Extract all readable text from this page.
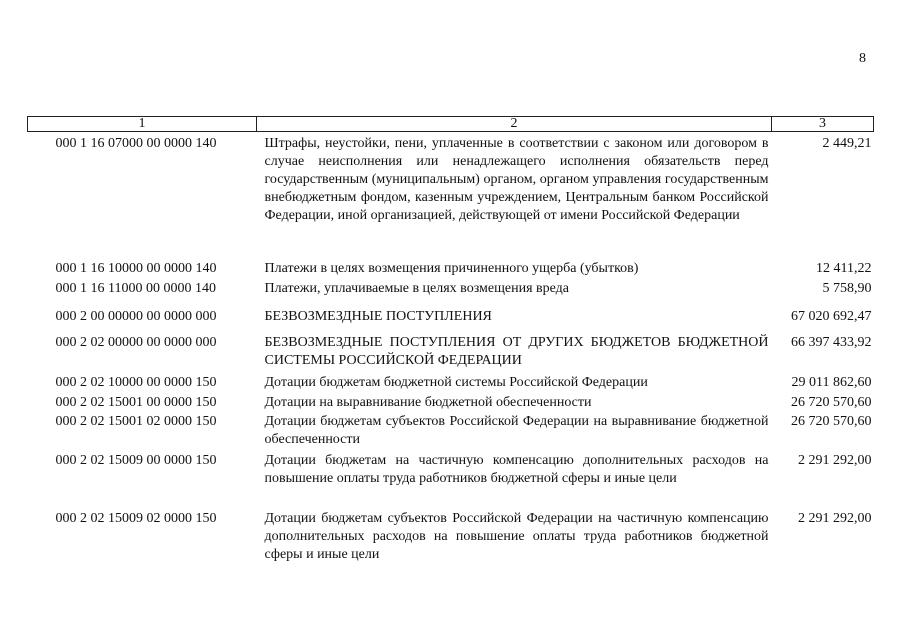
8
1	2	3
000 1 16 07000 00 0000 140	Штрафы, неустойки, пени, уплаченные в соответствии с законом или договором в случае неисполнения или ненадлежащего исполнения обязательств перед государственным (муниципальным) органом, органом управления государственным внебюджетным фондом, казенным учреждением, Центральным банком Российской Федерации, иной организацией, действующей от имени Российской Федерации	2 449,21
000 1 16 10000 00 0000 140	Платежи в целях возмещения причиненного ущерба (убытков)	12 411,22
000 1 16 11000 00 0000 140	Платежи, уплачиваемые в целях возмещения вреда	5 758,90
000 2 00 00000 00 0000 000	БЕЗВОЗМЕЗДНЫЕ ПОСТУПЛЕНИЯ	67 020 692,47
000 2 02 00000 00 0000 000	БЕЗВОЗМЕЗДНЫЕ ПОСТУПЛЕНИЯ ОТ ДРУГИХ БЮДЖЕТОВ БЮДЖЕТНОЙ СИСТЕМЫ РОССИЙСКОЙ ФЕДЕРАЦИИ	66 397 433,92
000 2 02 10000 00 0000 150	Дотации бюджетам бюджетной системы Российской Федерации	29 011 862,60
000 2 02 15001 00 0000 150	Дотации на выравнивание бюджетной обеспеченности	26 720 570,60
000 2 02 15001 02 0000 150	Дотации бюджетам субъектов Российской Федерации на выравнивание бюджетной обеспеченности	26 720 570,60
000 2 02 15009 00 0000 150	Дотации бюджетам на частичную компенсацию дополнительных расходов на повышение оплаты труда работников бюджетной сферы и иные цели	2 291 292,00
000 2 02 15009 02 0000 150	Дотации бюджетам субъектов Российской Федерации на частичную компенсацию дополнительных расходов на повышение оплаты труда работников бюджетной сферы и иные цели	2 291 292,00
